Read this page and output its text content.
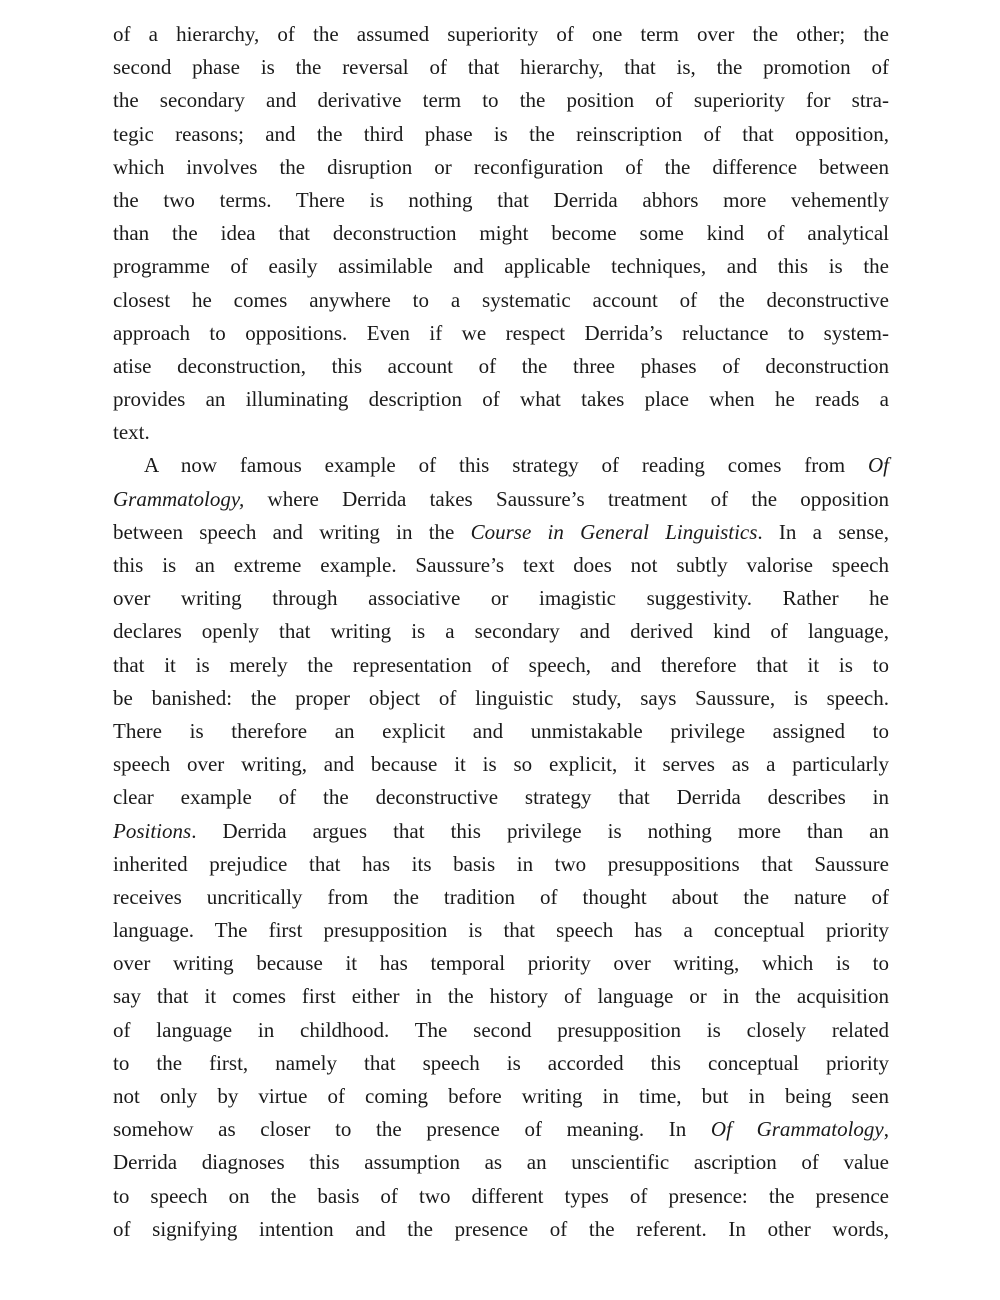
of a hierarchy, of the assumed superiority of one term over the other; the
second phase is the reversal of that hierarchy, that is, the promotion of
the secondary and derivative term to the position of superiority for stra-
tegic reasons; and the third phase is the reinscription of that opposition,
which involves the disruption or reconfiguration of the difference between
the two terms. There is nothing that Derrida abhors more vehemently
than the idea that deconstruction might become some kind of analytical
programme of easily assimilable and applicable techniques, and this is the
closest he comes anywhere to a systematic account of the deconstructive
approach to oppositions. Even if we respect Derrida’s reluctance to system-
atise deconstruction, this account of the three phases of deconstruction
provides an illuminating description of what takes place when he reads a
text.
A now famous example of this strategy of reading comes from Of
Grammatology, where Derrida takes Saussure’s treatment of the opposition
between speech and writing in the Course in General Linguistics. In a sense,
this is an extreme example. Saussure’s text does not subtly valorise speech
over writing through associative or imagistic suggestivity. Rather he
declares openly that writing is a secondary and derived kind of language,
that it is merely the representation of speech, and therefore that it is to
be banished: the proper object of linguistic study, says Saussure, is speech.
There is therefore an explicit and unmistakable privilege assigned to
speech over writing, and because it is so explicit, it serves as a particularly
clear example of the deconstructive strategy that Derrida describes in
Positions. Derrida argues that this privilege is nothing more than an
inherited prejudice that has its basis in two presuppositions that Saussure
receives uncritically from the tradition of thought about the nature of
language. The first presupposition is that speech has a conceptual priority
over writing because it has temporal priority over writing, which is to
say that it comes first either in the history of language or in the acquisition
of language in childhood. The second presupposition is closely related
to the first, namely that speech is accorded this conceptual priority
not only by virtue of coming before writing in time, but in being seen
somehow as closer to the presence of meaning. In Of Grammatology,
Derrida diagnoses this assumption as an unscientific ascription of value
to speech on the basis of two different types of presence: the presence
of signifying intention and the presence of the referent. In other words,
